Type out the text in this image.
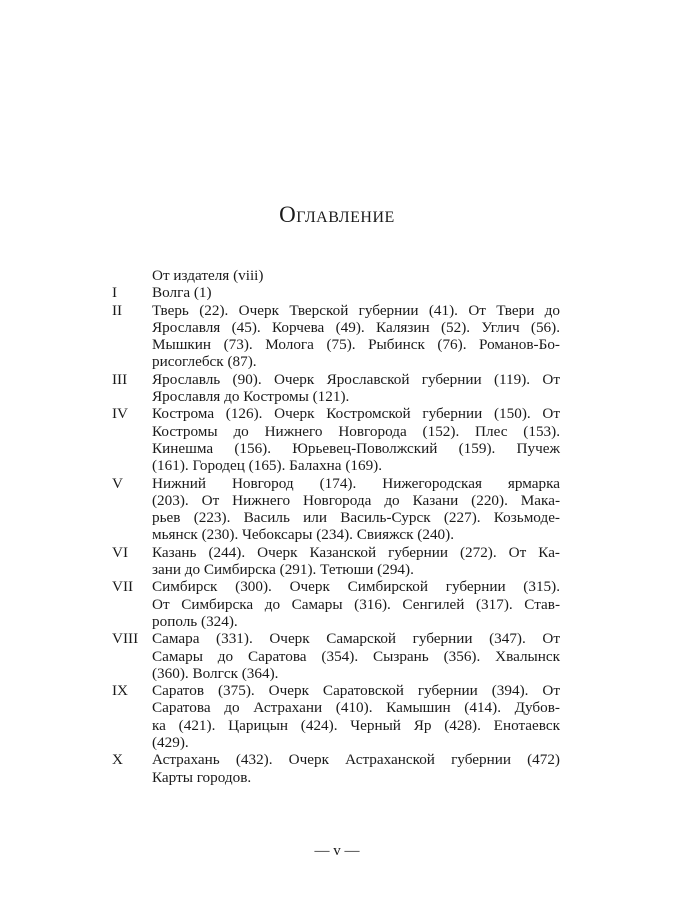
Оглавление
От издателя (viii)
I	Волга (1)
II	Тверь (22). Очерк Тверской губернии (41). От Твери до
Ярославля (45). Корчева (49). Калязин (52). Углич (56).
Мышкин (73). Молога (75). Рыбинск (76). Романов-Бо-
рисоглебск (87).
III	Ярославль (90). Очерк Ярославской губернии (119). От
Ярославля до Костромы (121).
IV	Кострома (126). Очерк Костромской губернии (150). От
Костромы до Нижнего Новгорода (152). Плес (153).
Кинешма (156). Юрьевец-Поволжский (159). Пучеж
(161). Городец (165). Балахна (169).
V	Нижний Новгород (174). Нижегородская ярмарка
(203). От Нижнего Новгорода до Казани (220). Мака-
рьев (223). Василь или Василь-Сурск (227). Козьмоде-
мьянск (230). Чебоксары (234). Свияжск (240).
VI	Казань (244). Очерк Казанской губернии (272). От Ка-
зани до Симбирска (291). Тетюши (294).
VII	Симбирск (300). Очерк Симбирской губернии (315).
От Симбирска до Самары (316). Сенгилей (317). Став-
рополь (324).
VIII Самара (331). Очерк Самарской губернии (347). От
Самары до Саратова (354). Сызрань (356). Хвалынск
(360). Волгск (364).
IX	Саратов (375). Очерк Саратовской губернии (394). От
Саратова до Астрахани (410). Камышин (414). Дубов-
ка (421). Царицын (424). Черный Яр (428). Енотаевск
(429).
X	Астрахань (432). Очерк Астраханской губернии (472)
Карты городов.
— v —
